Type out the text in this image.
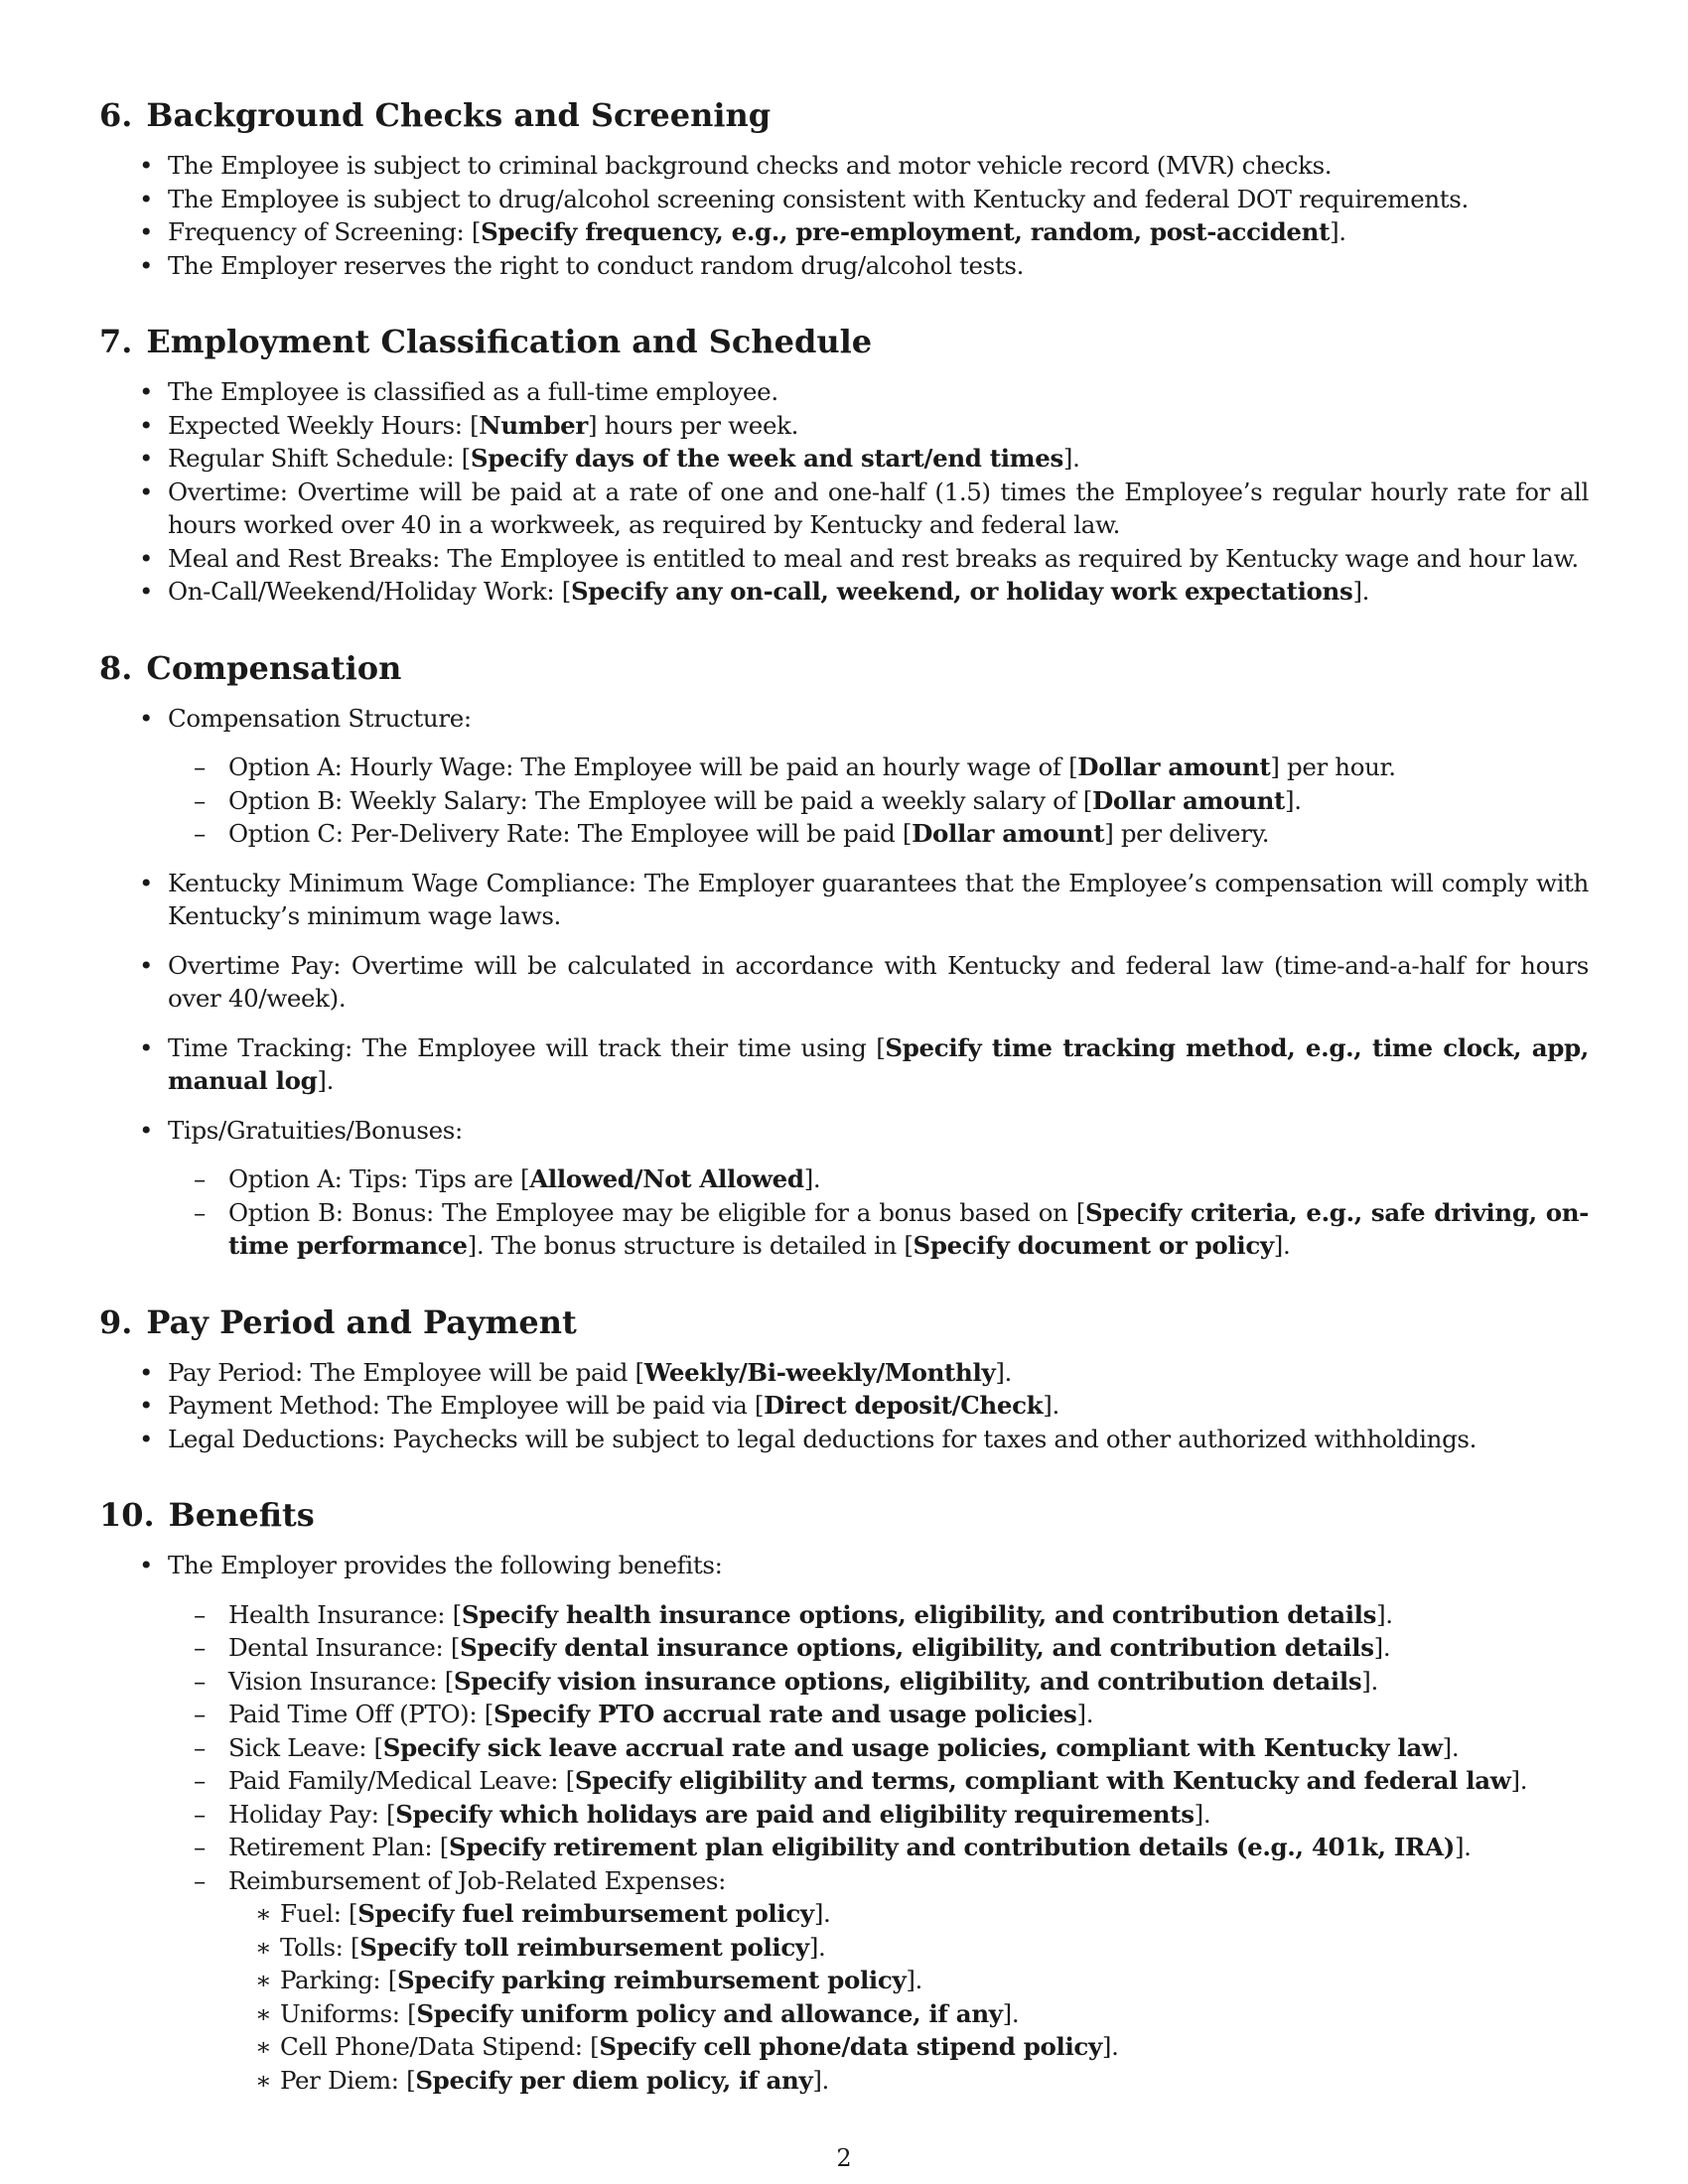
6. Background Checks and Screening
• The Employee is subject to criminal background checks and motor vehicle record (MVR) checks.
• The Employee is subject to drug/alcohol screening consistent with Kentucky and federal DOT requirements.
• Frequency of Screening: [Specify frequency, e.g., pre-employment, random, post-accident].
• The Employer reserves the right to conduct random drug/alcohol tests.
7. Employment Classification and Schedule
• The Employee is classified as a full-time employee.
• Expected Weekly Hours: [Number] hours per week.
• Regular Shift Schedule: [Specify days of the week and start/end times].
• Overtime: Overtime will be paid at a rate of one and one-half (1.5) times the Employee’s regular hourly rate for all hours worked over 40 in a workweek, as required by Kentucky and federal law.
• Meal and Rest Breaks: The Employee is entitled to meal and rest breaks as required by Kentucky wage and hour law.
• On-Call/Weekend/Holiday Work: [Specify any on-call, weekend, or holiday work expectations].
8. Compensation
• Compensation Structure:
– Option A: Hourly Wage: The Employee will be paid an hourly wage of [Dollar amount] per hour.
– Option B: Weekly Salary: The Employee will be paid a weekly salary of [Dollar amount].
– Option C: Per-Delivery Rate: The Employee will be paid [Dollar amount] per delivery.
• Kentucky Minimum Wage Compliance: The Employer guarantees that the Employee’s compensation will comply with Kentucky’s minimum wage laws.
• Overtime Pay: Overtime will be calculated in accordance with Kentucky and federal law (time-and-a-half for hours over 40/week).
• Time Tracking: The Employee will track their time using [Specify time tracking method, e.g., time clock, app, manual log].
• Tips/Gratuities/Bonuses:
– Option A: Tips: Tips are [Allowed/Not Allowed].
– Option B: Bonus: The Employee may be eligible for a bonus based on [Specify criteria, e.g., safe driving, on-time performance]. The bonus structure is detailed in [Specify document or policy].
9. Pay Period and Payment
• Pay Period: The Employee will be paid [Weekly/Bi-weekly/Monthly].
• Payment Method: The Employee will be paid via [Direct deposit/Check].
• Legal Deductions: Paychecks will be subject to legal deductions for taxes and other authorized withholdings.
10. Benefits
• The Employer provides the following benefits:
– Health Insurance: [Specify health insurance options, eligibility, and contribution details].
– Dental Insurance: [Specify dental insurance options, eligibility, and contribution details].
– Vision Insurance: [Specify vision insurance options, eligibility, and contribution details].
– Paid Time Off (PTO): [Specify PTO accrual rate and usage policies].
– Sick Leave: [Specify sick leave accrual rate and usage policies, compliant with Kentucky law].
– Paid Family/Medical Leave: [Specify eligibility and terms, compliant with Kentucky and federal law].
– Holiday Pay: [Specify which holidays are paid and eligibility requirements].
– Retirement Plan: [Specify retirement plan eligibility and contribution details (e.g., 401k, IRA)].
– Reimbursement of Job-Related Expenses:
∗ Fuel: [Specify fuel reimbursement policy].
∗ Tolls: [Specify toll reimbursement policy].
∗ Parking: [Specify parking reimbursement policy].
∗ Uniforms: [Specify uniform policy and allowance, if any].
∗ Cell Phone/Data Stipend: [Specify cell phone/data stipend policy].
∗ Per Diem: [Specify per diem policy, if any].
2
